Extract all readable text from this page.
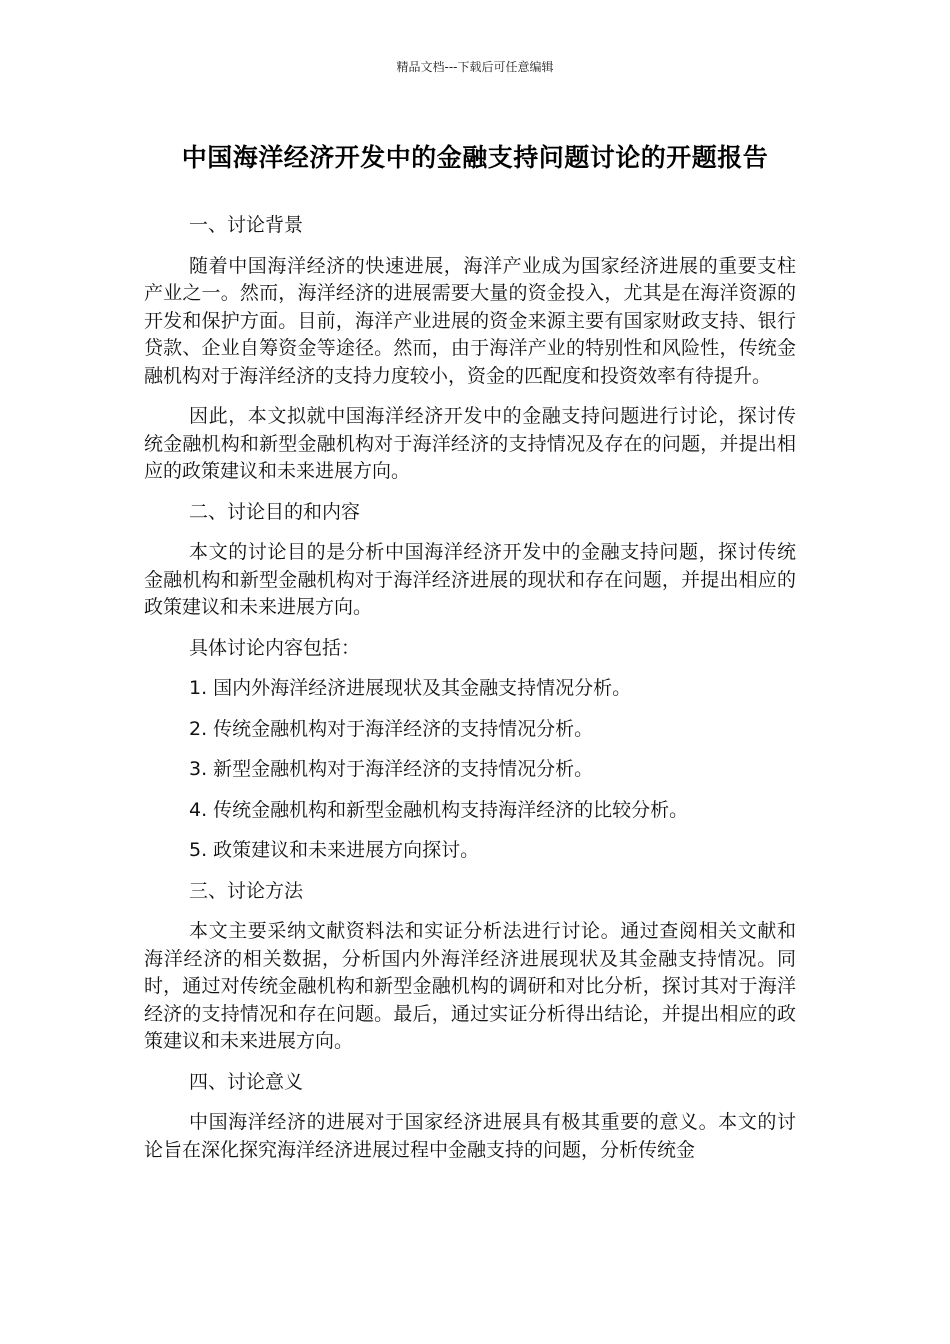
精品文档---下载后可任意编辑
中国海洋经济开发中的金融支持问题讨论的开题报告

一、讨论背景

随着中国海洋经济的快速进展，海洋产业成为国家经济进展的重要支柱产业之一。然而，海洋经济的进展需要大量的资金投入，尤其是在海洋资源的开发和保护方面。目前，海洋产业进展的资金来源主要有国家财政支持、银行贷款、企业自筹资金等途径。然而，由于海洋产业的特别性和风险性，传统金融机构对于海洋经济的支持力度较小，资金的匹配度和投资效率有待提升。

因此，本文拟就中国海洋经济开发中的金融支持问题进行讨论，探讨传统金融机构和新型金融机构对于海洋经济的支持情况及存在的问题，并提出相应的政策建议和未来进展方向。

二、讨论目的和内容

本文的讨论目的是分析中国海洋经济开发中的金融支持问题，探讨传统金融机构和新型金融机构对于海洋经济进展的现状和存在问题，并提出相应的政策建议和未来进展方向。

具体讨论内容包括：

1. 国内外海洋经济进展现状及其金融支持情况分析。

2. 传统金融机构对于海洋经济的支持情况分析。

3. 新型金融机构对于海洋经济的支持情况分析。

4. 传统金融机构和新型金融机构支持海洋经济的比较分析。

5. 政策建议和未来进展方向探讨。

三、讨论方法

本文主要采纳文献资料法和实证分析法进行讨论。通过查阅相关文献和海洋经济的相关数据，分析国内外海洋经济进展现状及其金融支持情况。同时，通过对传统金融机构和新型金融机构的调研和对比分析，探讨其对于海洋经济的支持情况和存在问题。最后，通过实证分析得出结论，并提出相应的政策建议和未来进展方向。

四、讨论意义

中国海洋经济的进展对于国家经济进展具有极其重要的意义。本文的讨论旨在深化探究海洋经济进展过程中金融支持的问题，分析传统金
